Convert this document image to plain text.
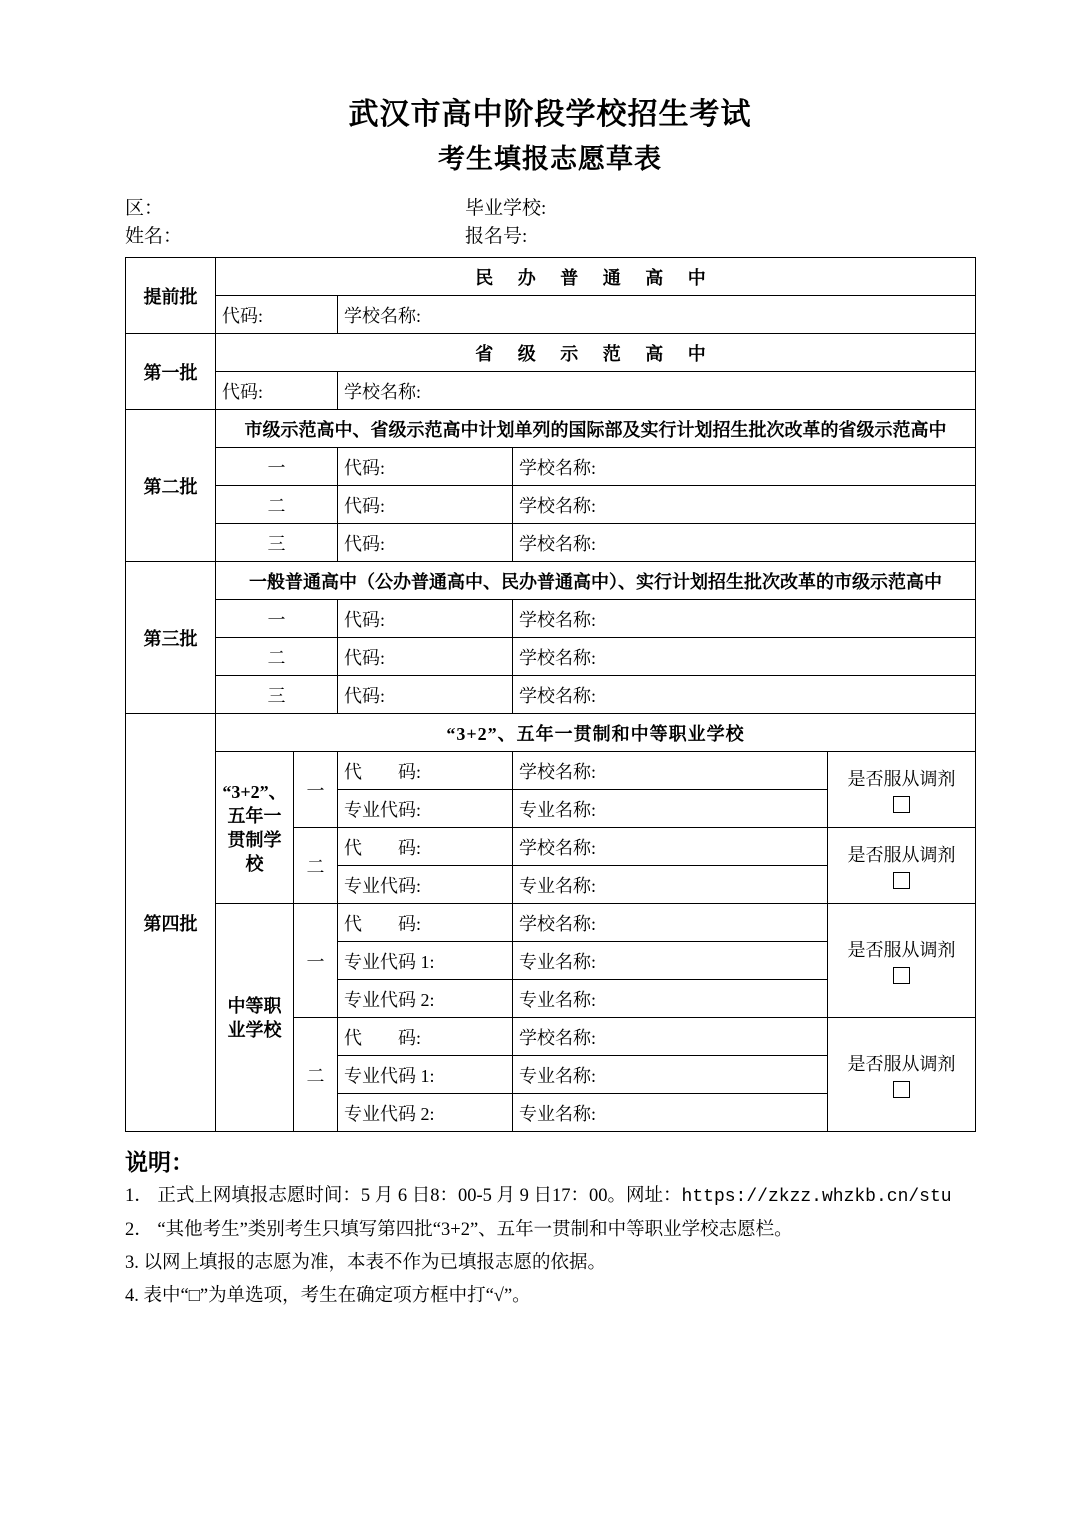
武汉市高中阶段学校招生考试
考生填报志愿草表
区：	毕业学校:
姓名：	报名号:
提前批	民 办 普 通 高 中				
	代码:		学校名称:		
第一批	省 级 示 范 高 中				
	代码:		学校名称:		
第二批	市级示范高中、省级示范高中计划单列的国际部及实行计划招生批次改革的省级示范高中				
	一		代码:	学校名称:	
	二		代码:	学校名称:	
	三		代码:	学校名称:	
第三批	一般普通高中（公办普通高中、民办普通高中）、实行计划招生批次改革的市级示范高中				
	一		代码:	学校名称:	
	二		代码:	学校名称:	
	三		代码:	学校名称:	
第四批	“3+2”、五年一贯制和中等职业学校				
	“3+2”、五年一贯制学校	一	代　　码:	学校名称:	是否服从调剂

			专业代码:	专业名称:	
		二	代　　码:	学校名称:	是否服从调剂

			专业代码:	专业名称:	
	中等职业学校	一	代　　码:	学校名称:	是否服从调剂

			专业代码 1:	专业名称:	
			专业代码 2:	专业名称:	
		二	代　　码:	学校名称:	是否服从调剂

			专业代码 1:	专业名称:	
			专业代码 2:	专业名称:	
说明：
1． 正式上网填报志愿时间：5 月 6 日8：00-5 月 9 日17：00。网址：https://zkzz.whzkb.cn/stu
2． “其他考生”类别考生只填写第四批“3+2”、五年一贯制和中等职业学校志愿栏。
3. 以网上填报的志愿为准，本表不作为已填报志愿的依据。
4. 表中“□”为单选项，考生在确定项方框中打“√”。
